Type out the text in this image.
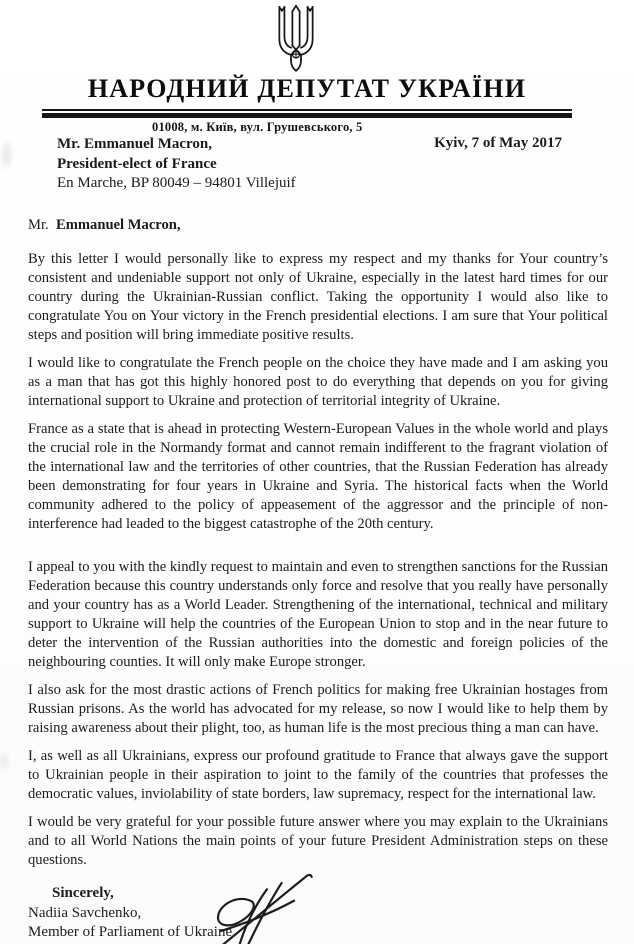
НАРОДНИЙ ДЕПУТАТ УКРАЇНИ
01008, м. Київ, вул. Грушевського, 5
Mr. Emmanuel Macron,
President-elect of France
En Marche, BP 80049 – 94801 Villejuif
Kyiv, 7 of May 2017

Mr. Emmanuel Macron,

By this letter I would personally like to express my respect and my thanks for Your country’s consistent and undeniable support not only of Ukraine, especially in the latest hard times for our country during the Ukrainian-Russian conflict. Taking the opportunity I would also like to congratulate You on Your victory in the French presidential elections. I am sure that Your political steps and position will bring immediate positive results.

I would like to congratulate the French people on the choice they have made and I am asking you as a man that has got this highly honored post to do everything that depends on you for giving international support to Ukraine and protection of territorial integrity of Ukraine.

France as a state that is ahead in protecting Western-European Values in the whole world and plays the crucial role in the Normandy format and cannot remain indifferent to the fragrant violation of the international law and the territories of other countries, that the Russian Federation has already been demonstrating for four years in Ukraine and Syria. The historical facts when the World community adhered to the policy of appeasement of the aggressor and the principle of non-interference had leaded to the biggest catastrophe of the 20th century.

I appeal to you with the kindly request to maintain and even to strengthen sanctions for the Russian Federation because this country understands only force and resolve that you really have personally and your country has as a World Leader. Strengthening of the international, technical and military support to Ukraine will help the countries of the European Union to stop and in the near future to deter the intervention of the Russian authorities into the domestic and foreign policies of the neighbouring counties. It will only make Europe stronger.

I also ask for the most drastic actions of French politics for making free Ukrainian hostages from Russian prisons. As the world has advocated for my release, so now I would like to help them by raising awareness about their plight, too, as human life is the most precious thing a man can have.

I, as well as all Ukrainians, express our profound gratitude to France that always gave the support to Ukrainian people in their aspiration to joint to the family of the countries that professes the democratic values, inviolability of state borders, law supremacy, respect for the international law.

I would be very grateful for your possible future answer where you may explain to the Ukrainians and to all World Nations the main points of your future President Administration steps on these questions.

Sincerely,
Nadiia Savchenko,
Member of Parliament of Ukraine
